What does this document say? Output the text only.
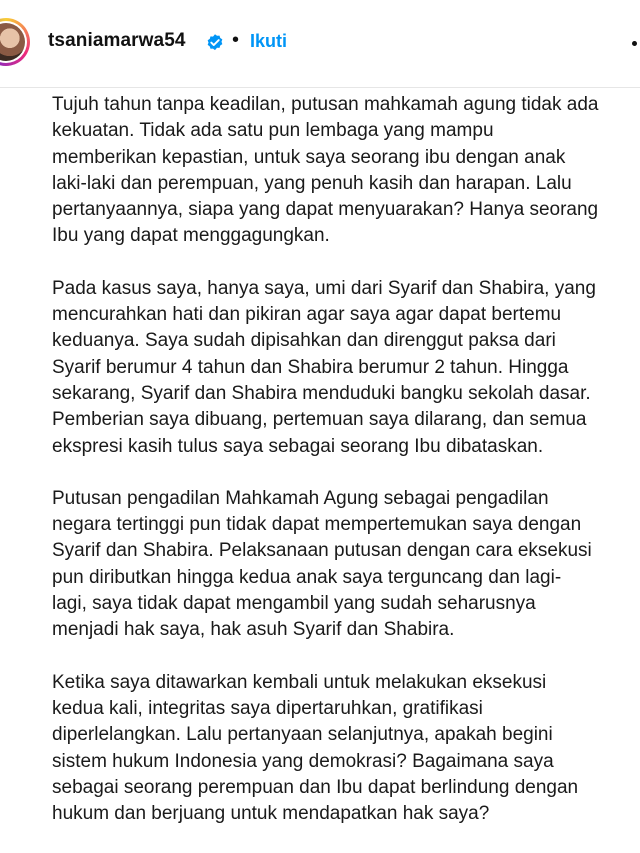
tsaniamarwa54 • Ikuti

Tujuh tahun tanpa keadilan, putusan mahkamah agung tidak ada
kekuatan. Tidak ada satu pun lembaga yang mampu
memberikan kepastian, untuk saya seorang ibu dengan anak
laki-laki dan perempuan, yang penuh kasih dan harapan. Lalu
pertanyaannya, siapa yang dapat menyuarakan? Hanya seorang
Ibu yang dapat menggagungkan.

Pada kasus saya, hanya saya, umi dari Syarif dan Shabira, yang
mencurahkan hati dan pikiran agar saya agar dapat bertemu
keduanya. Saya sudah dipisahkan dan direnggut paksa dari
Syarif berumur 4 tahun dan Shabira berumur 2 tahun. Hingga
sekarang, Syarif dan Shabira menduduki bangku sekolah dasar.
Pemberian saya dibuang, pertemuan saya dilarang, dan semua
ekspresi kasih tulus saya sebagai seorang Ibu dibataskan.

Putusan pengadilan Mahkamah Agung sebagai pengadilan
negara tertinggi pun tidak dapat mempertemukan saya dengan
Syarif dan Shabira. Pelaksanaan putusan dengan cara eksekusi
pun diributkan hingga kedua anak saya terguncang dan lagi-
lagi, saya tidak dapat mengambil yang sudah seharusnya
menjadi hak saya, hak asuh Syarif dan Shabira.

Ketika saya ditawarkan kembali untuk melakukan eksekusi
kedua kali, integritas saya dipertaruhkan, gratifikasi
diperlelangkan. Lalu pertanyaan selanjutnya, apakah begini
sistem hukum Indonesia yang demokrasi? Bagaimana saya
sebagai seorang perempuan dan Ibu dapat berlindung dengan
hukum dan berjuang untuk mendapatkan hak saya?
